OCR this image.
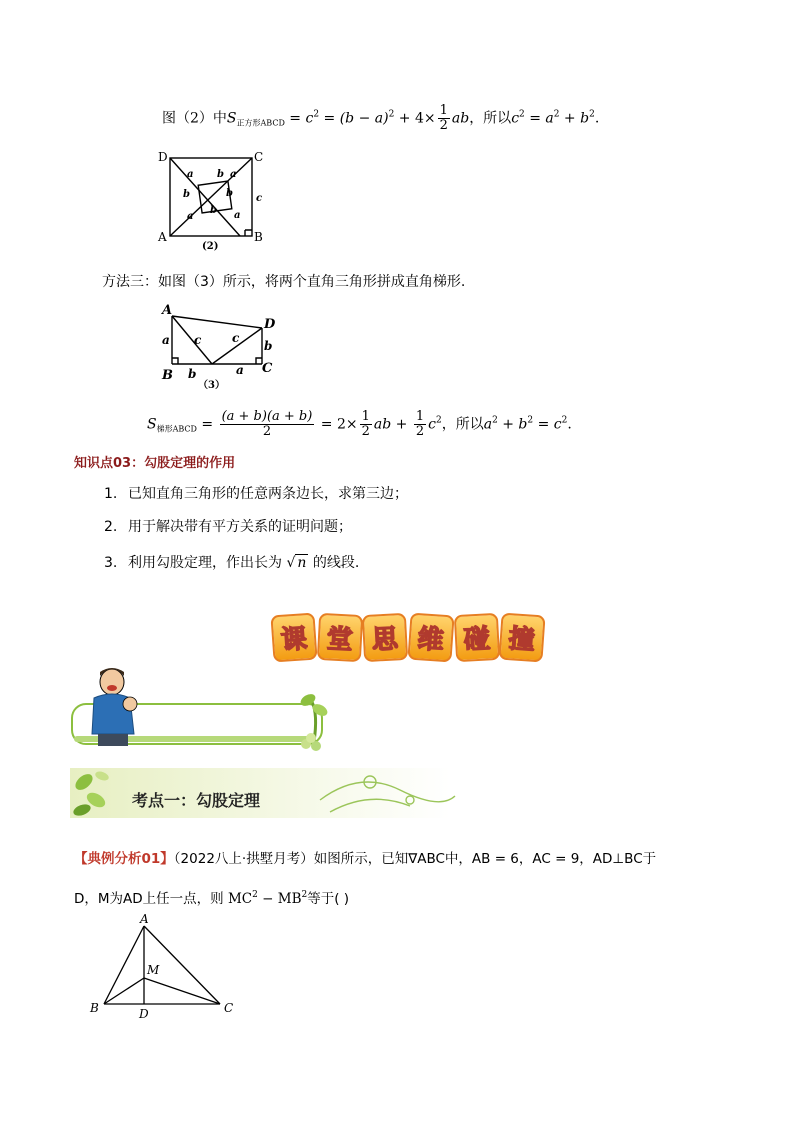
图（2）中$S_{正方形ABCD} = c^2 = (b - a)^2 + 4\times \frac{1}{2}$ ab，所以$c^2 = a^2 + b^2$.
D	C
A	B
a b a
b	b c
b a
a
(2)
方法三：如图（3）所示，将两个直角三角形拼成直角梯形.
A
D
B	C
a c	c
b
b	a
（3）
$S_{梯形ABCD} = \frac{(a + b)(a + b)}{2} = 2\times \frac{1}{2}$ ab + $\frac{1}{2} c^2$，所以$a^2 + b^2 = c^2$.
知识点03：勾股定理的作用
1. 已知直角三角形的任意两条边长，求第三边；
2. 用于解决带有平方关系的证明问题；
3. 利用勾股定理，作出长为 √ n 的线段.
课 堂 思 维 碰 撞
考点一：勾股定理
【典例分析01】（2022八上·拱墅月考）如图所示，已知∇ABC中，AB = 6，AC = 9，AD⊥BC于
D，M为AD上任一点，则 $MC^2 - MB^2$等于( )
A
M
B	D	C
